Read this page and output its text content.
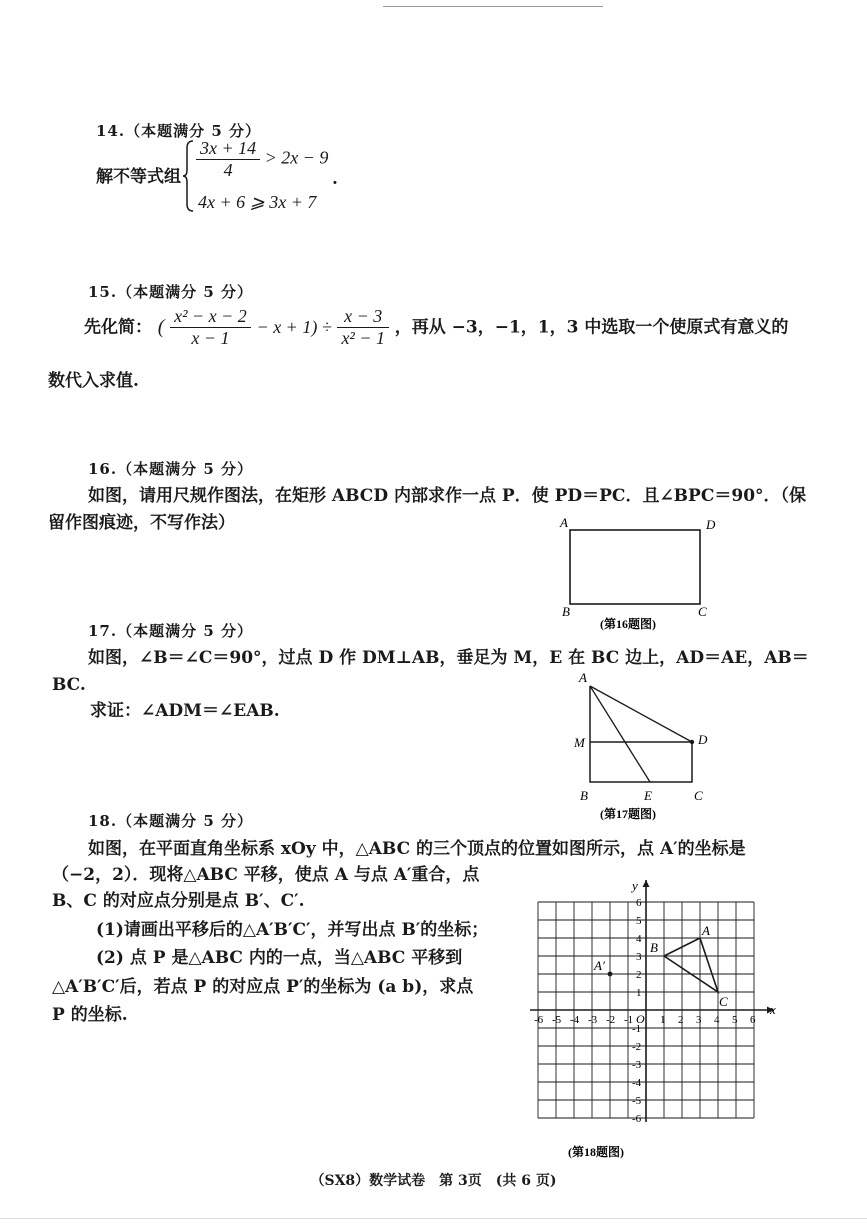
14.（本题满分 5 分）
解不等式组 $\frac{3x + 14}{4} > 2x - 9$
4x + 6 ⩾ 3x + 7
.
15.（本题满分 5 分）
先化简： ( $\frac{\text{x² − x − 2}}{x - 1} - x + 1) \div \frac{x - 3}{\text{x² − 1}}$ ，再从 −3，−1，1，3 中选取一个使原式有意义的
数代入求值.
16.（本题满分 5 分）
如图，请用尺规作图法，在矩形 ABCD 内部求作一点 P．使 PD＝PC．且∠BPC＝90°．（保
留作图痕迹，不写作法）	A	D
B	C
(第16题图)
17.（本题满分 5 分）
如图，∠B＝∠C＝90°，过点 D 作 DM⊥AB，垂足为 M，E 在 BC 边上，AD＝AE，AB＝
BC.
求证：∠ADM＝∠EAB.
A
M	D
B	E	C
(第17题图)
18.（本题满分 5 分）
如图，在平面直角坐标系 xOy 中，△ABC 的三个顶点的位置如图所示，点 A′的坐标是
（−2，2）．现将△ABC 平移，使点 A 与点 A′重合，点
B、C 的对应点分别是点 B′、C′.
(1)请画出平移后的△A′B′C′，并写出点 B′的坐标；
(2) 点 P 是△ABC 内的一点，当△ABC 平移到
△A′B′C′后，若点 P 的对应点 P′的坐标为 (a b)，求点
P 的坐标.	x
y
O
-6 -5 -4 -3 -2 -1 1 2 3 4 5 6
6
5
4
3
2
1
-1
-2
-3
-4
-5
-6
A
B
C
A′
(第18题图)
（SX8）数学试卷　第 3页　(共 6 页)
